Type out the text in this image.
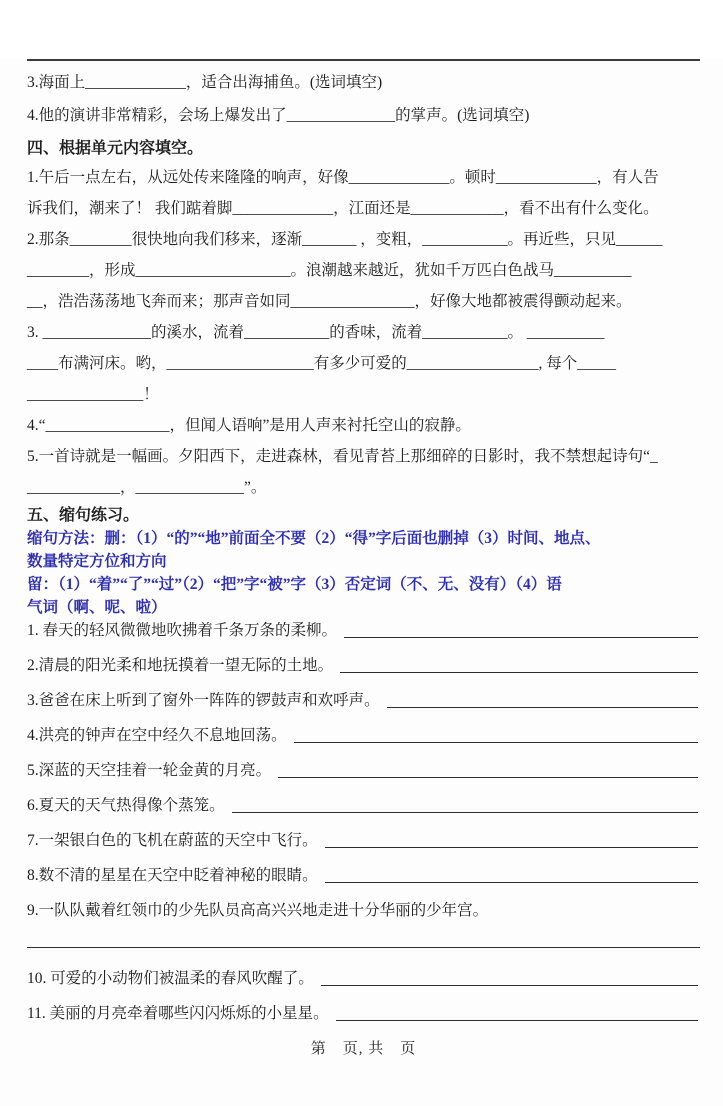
3.海面上_____________，适合出海捕鱼。(选词填空)
4.他的演讲非常精彩，会场上爆发出了______________的掌声。(选词填空)
四、根据单元内容填空。
1.午后一点左右，从远处传来隆隆的响声，好像_____________。顿时_____________，有人告
诉我们，潮来了！ 我们踮着脚_____________，江面还是____________，看不出有什么变化。
2.那条________很快地向我们移来，逐渐_______ ，变粗，___________。再近些，只见______
________，形成____________________。浪潮越来越近，犹如千万匹白色战马__________
__，浩浩荡荡地飞奔而来；那声音如同________________，好像大地都被震得颤动起来。
3. ______________的溪水，流着___________的香味，流着___________。 __________
____布满河床。哟，___________________有多少可爱的_________________, 每个_____
_______________！
4.“________________，但闻人语响”是用人声来衬托空山的寂静。
5.一首诗就是一幅画。夕阳西下，走进森林，看见青苔上那细碎的日影时，我不禁想起诗句“_
____________，______________”。
五、缩句练习。
缩句方法：删：（1）“的”“地”前面全不要（2）“得”字后面也删掉（3）时间、地点、
数量特定方位和方向
留：（1）“着”“了”“过”（2）“把”字“被”字（3）否定词（不、无、没有）（4）语
气词（啊、呢、啦）
1. 春天的轻风微微地吹拂着千条万条的柔柳。
2.清晨的阳光柔和地抚摸着一望无际的土地。
3.爸爸在床上听到了窗外一阵阵的锣鼓声和欢呼声。
4.洪亮的钟声在空中经久不息地回荡。
5.深蓝的天空挂着一轮金黄的月亮。
6.夏天的天气热得像个蒸笼。
7.一架银白色的飞机在蔚蓝的天空中飞行。
8.数不清的星星在天空中眨着神秘的眼睛。
9.一队队戴着红领巾的少先队员高高兴兴地走进十分华丽的少年宫。
10. 可爱的小动物们被温柔的春风吹醒了。
11. 美丽的月亮牵着哪些闪闪烁烁的小星星。
第　页, 共　页
